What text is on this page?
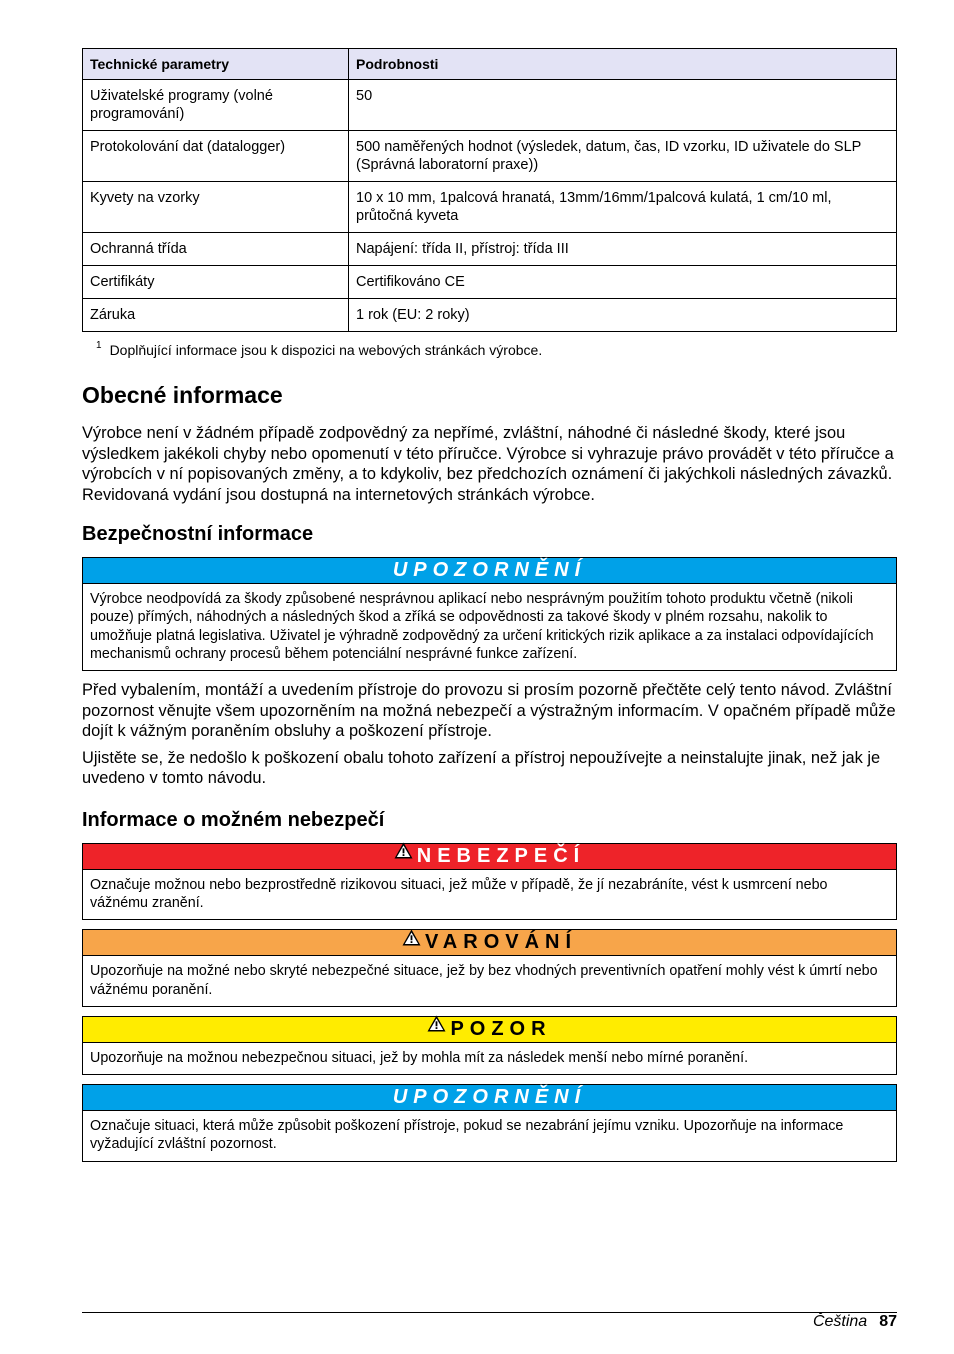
Technické parametry	Podrobnosti
Uživatelské programy (volné programování)	50
Protokolování dat (datalogger)	500 naměřených hodnot (výsledek, datum, čas, ID vzorku, ID uživatele do SLP (Správná laboratorní praxe))
Kyvety na vzorky	10 x 10 mm, 1palcová hranatá, 13mm/16mm/1palcová kulatá, 1 cm/10 ml, průtočná kyveta
Ochranná třída	Napájení: třída II, přístroj: třída III
Certifikáty	Certifikováno CE
Záruka	1 rok (EU: 2 roky)
$^1$ Doplňující informace jsou k dispozici na webových stránkách výrobce.
Obecné informace

Výrobce není v žádném případě zodpovědný za nepřímé, zvláštní, náhodné či následné škody, které jsou výsledkem jakékoli chyby nebo opomenutí v této příručce. Výrobce si vyhrazuje právo provádět v této příručce a výrobcích v ní popisovaných změny, a to kdykoliv, bez předchozích oznámení či jakýchkoli následných závazků. Revidovaná vydání jsou dostupná na internetových stránkách výrobce.

Bezpečnostní informace
UPOZORNĚNÍ
Výrobce neodpovídá za škody způsobené nesprávnou aplikací nebo nesprávným použitím tohoto produktu včetně (nikoli pouze) přímých, náhodných a následných škod a zříká se odpovědnosti za takové škody v plném rozsahu, nakolik to umožňuje platná legislativa. Uživatel je výhradně zodpovědný za určení kritických rizik aplikace a za instalaci odpovídajících mechanismů ochrany procesů během potenciální nesprávné funkce zařízení.

Před vybalením, montáží a uvedením přístroje do provozu si prosím pozorně přečtěte celý tento návod. Zvláštní pozornost věnujte všem upozorněním na možná nebezpečí a výstražným informacím. V opačném případě může dojít k vážným poraněním obsluhy a poškození přístroje.

Ujistěte se, že nedošlo k poškození obalu tohoto zařízení a přístroj nepoužívejte a neinstalujte jinak, než jak je uvedeno v tomto návodu.

Informace o možném nebezpečí
NEBEZPEČÍ
Označuje možnou nebo bezprostředně rizikovou situaci, jež může v případě, že jí nezabráníte, vést k usmrcení nebo vážnému zranění.
VAROVÁNÍ
Upozorňuje na možné nebo skryté nebezpečné situace, jež by bez vhodných preventivních opatření mohly vést k úmrtí nebo vážnému poranění.
POZOR
Upozorňuje na možnou nebezpečnou situaci, jež by mohla mít za následek menší nebo mírné poranění.
UPOZORNĚNÍ
Označuje situaci, která může způsobit poškození přístroje, pokud se nezabrání jejímu vzniku. Upozorňuje na informace vyžadující zvláštní pozornost.
Čeština 87
